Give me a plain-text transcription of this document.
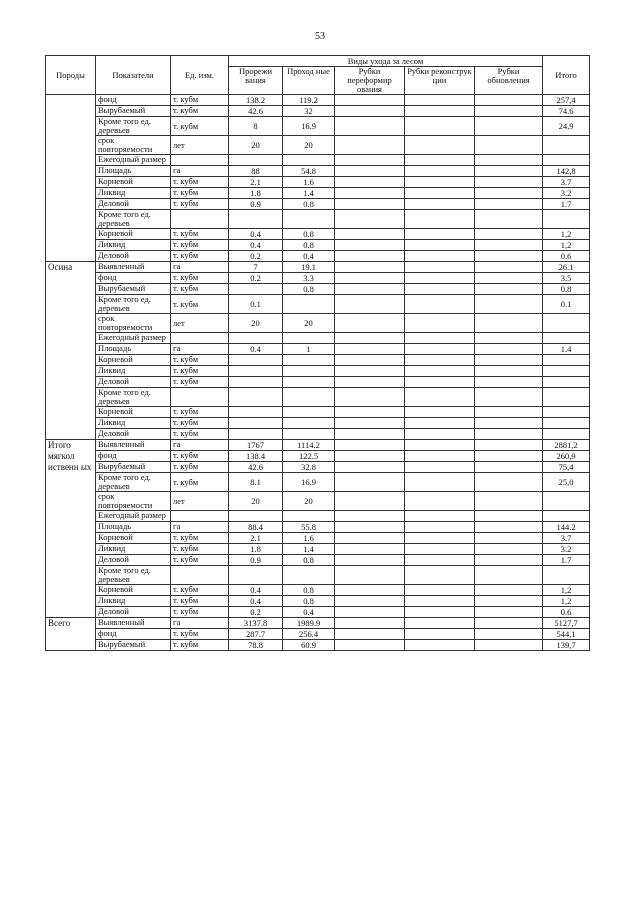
53
Породы	Показатели	Ед. изм.	Виды ухода за лесом					Итого
			Прорежи вания	Проход ные	Рубки переформир ования	Рубки реконструк ции	Рубки обновления	
	фонд	т. кубм	138.2	119.2				257,4
	Вырубаемый	т. кубм	42.6	32				74.6
	Кроме того ед. деревьев	т. кубм	8	16.9				24,9
	срок повторяемости	лет	20	20				
	Ежегодный размер							
	Площадь	га	88	54.8				142,8
	Корневой	т. кубм	2.1	1.6				3.7
	Ликвид	т. кубм	1.8	1.4				3.2
	Деловой	т. кубм	0.9	0.8				1.7
	Кроме того ед. деревьев							
	Корневой	т. кубм	0.4	0.8				1,2
	Ликвид	т. кубм	0.4	0.8				1,2
	Деловой	т. кубм	0.2	0.4				0.6
Осина	Выявленный	га	7	19.1				26.1
	фонд	т. кубм	0.2	3.3				3.5
	Вырубаемый	т. кубм		0.8				0.8
	Кроме того ед. деревьев	т. кубм	0.1					0.1
	срок повторяемости	лет	20	20				
	Ежегодный размер							
	Площадь	га	0.4	1				1.4
	Корневой	т. кубм						
	Ликвид	т. кубм						
	Деловой	т. кубм						
	Кроме того ед. деревьев							
	Корневой	т. кубм						
	Ликвид	т. кубм						
	Деловой	т. кубм						
Итого мягкол иственн ых	Выявленный	га	1767	1114.2				2881,2
	фонд	т. кубм	138.4	122.5				260,9
	Вырубаемый	т. кубм	42.6	32.8				75,4
	Кроме того ед. деревьев	т. кубм	8.1	16.9				25,0
	срок повторяемости	лет	20	20				
	Ежегодный размер							
	Площадь	га	88.4	55.8				144.2
	Корневой	т. кубм	2.1	1.6				3.7
	Ликвид	т. кубм	1.8	1.4				3.2
	Деловой	т. кубм	0.9	0.8				1.7
	Кроме того ед. деревьев							
	Корневой	т. кубм	0.4	0.8				1,2
	Ликвид	т. кубм	0.4	0.8				1,2
	Деловой	т. кубм	0.2	0.4				0.6
Всего	Выявленный	га	3137.8	1989.9				5127,7
	фонд	т. кубм	287.7	256.4				544,1
	Вырубаемый	т. кубм	78.8	60.9				139,7
